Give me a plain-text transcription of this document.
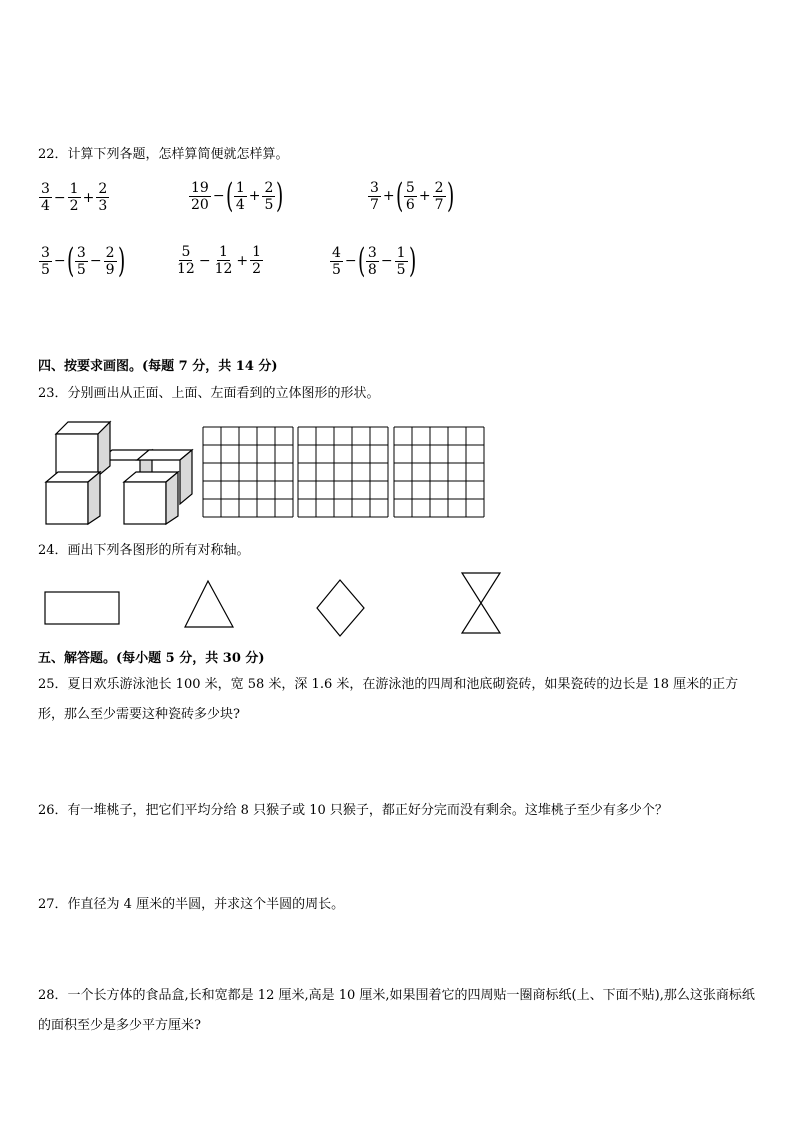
22．计算下列各题，怎样算简便就怎样算。
$\frac{3}{4} - \frac{1}{2} + \frac{2}{3}$	$\frac{19}{20}$ − ( $\frac{1}{4} + \frac{2}{5}$ )	$\frac{3}{7}$ + ( $\frac{5}{6} + \frac{2}{7}$ )
$\frac{3}{5}$ − ( $\frac{3}{5} - \frac{2}{9}$ )	$\frac{5}{12} - \frac{1}{12} + \frac{1}{2}$	$\frac{4}{5}$ − ( $\frac{3}{8} - \frac{1}{5}$ )
四、按要求画图。(每题 7 分，共 14 分)
23．分别画出从正面、上面、左面看到的立体图形的形状。
24．画出下列各图形的所有对称轴。
五、解答题。(每小题 5 分，共 30 分)
25．夏日欢乐游泳池长 100 米，宽 58 米，深 1.6 米，在游泳池的四周和池底砌瓷砖，如果瓷砖的边长是 18 厘米的正方形，那么至少需要这种瓷砖多少块?
26．有一堆桃子，把它们平均分给 8 只猴子或 10 只猴子，都正好分完而没有剩余。这堆桃子至少有多少个？
27．作直径为 4 厘米的半圆，并求这个半圆的周长。
28．一个长方体的食品盒,长和宽都是 12 厘米,高是 10 厘米,如果围着它的四周贴一圈商标纸(上、下面不贴),那么这张商标纸的面积至少是多少平方厘米?
